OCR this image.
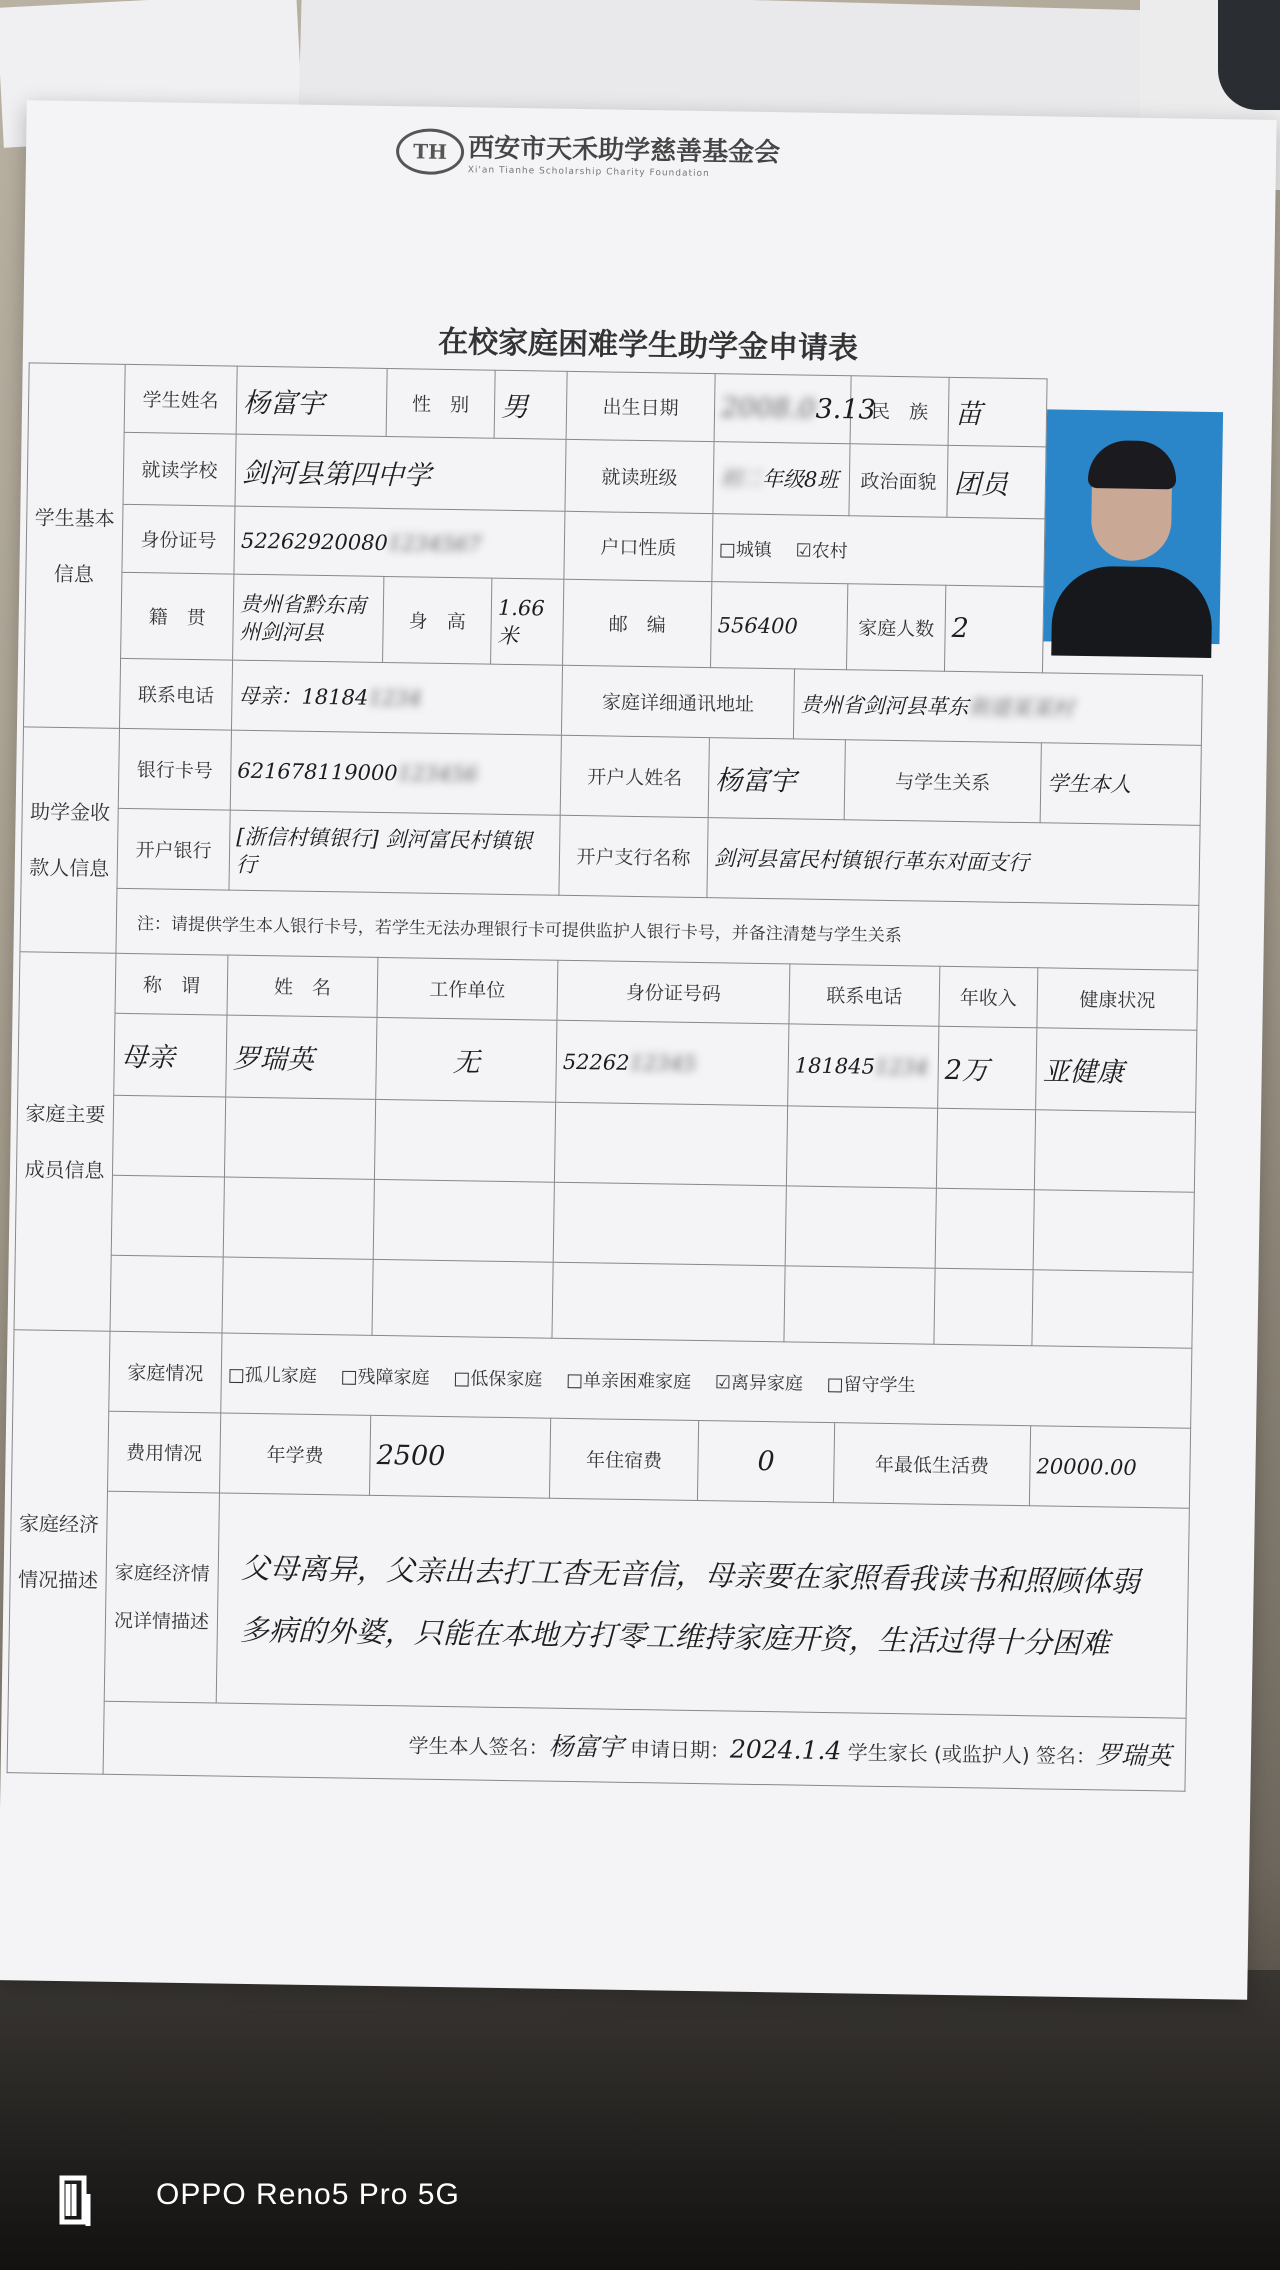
TH 西安市天禾助学慈善基金会
Xi'an Tianhe Scholarship Charity Foundation
在校家庭困难学生助学金申请表
学生基本信息	学生姓名	杨富宇	性　别	男	出生日期	2008.03.13		民　族	苗	

	就读学校	剑河县第四中学			就读班级	初二年级8班		政治面貌	团员	
	身份证号	522629200801234567			户口性质	□城镇 ☑农村				
	籍　贯	贵州省黔东南州剑河县	身　高	1.66米	邮　编	556400		家庭人数	2	
	联系电话	母亲：181841234			家庭详细通讯地址		贵州省剑河县革东街道某某村			
助学金收款人信息	银行卡号	621678119000123456			开户人姓名	杨富宇		与学生关系		学生本人
	开户银行	[浙信村镇银行] 剑河富民村镇银行			开户支行名称	剑河县富民村镇银行革东对面支行				
	注：请提供学生本人银行卡号，若学生无法办理银行卡可提供监护人银行卡号，并备注清楚与学生关系									
家庭主要成员信息	称　谓	姓　名	工作单位		身份证号码		联系电话		年收入	健康状况
	母亲	罗瑞英	无		5226212345		1818451234		2万	亚健康

家庭经济情况描述	家庭情况	□孤儿家庭 □残障家庭 □低保家庭 □单亲困难家庭 ☑离异家庭 □留守学生								
	费用情况	年学费	2500		年住宿费	0		年最低生活费		20000.00
	家庭经济情况详情描述	父母离异，父亲出去打工杳无音信，母亲要在家照看我读书和照顾体弱多病的外婆，只能在本地方打零工维持家庭开资，生活过得十分困难								
	学生本人签名：杨富宇 申请日期：2024.1.4 学生家长 (或监护人) 签名：罗瑞英									
OPPO Reno5 Pro 5G
